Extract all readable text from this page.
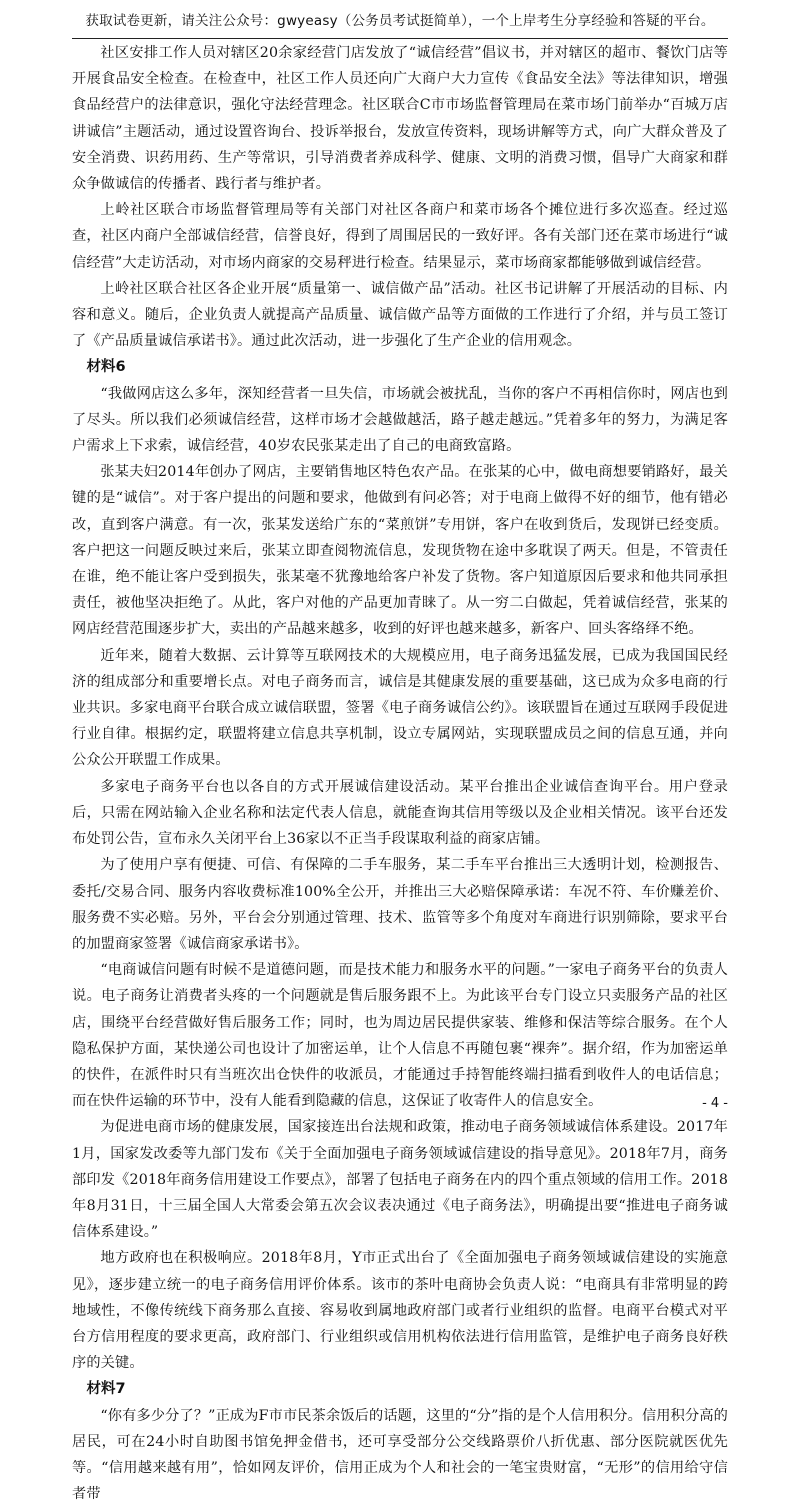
获取试卷更新，请关注公众号：gwyeasy（公务员考试挺简单），一个上岸考生分享经验和答疑的平台。

社区安排工作人员对辖区20余家经营门店发放了“诚信经营”倡议书，并对辖区的超市、餐饮门店等开展食品安全检查。在检查中，社区工作人员还向广大商户大力宣传《食品安全法》等法律知识，增强食品经营户的法律意识，强化守法经营理念。社区联合C市市场监督管理局在菜市场门前举办“百城万店讲诚信”主题活动，通过设置咨询台、投诉举报台，发放宣传资料，现场讲解等方式，向广大群众普及了安全消费、识药用药、生产等常识，引导消费者养成科学、健康、文明的消费习惯，倡导广大商家和群众争做诚信的传播者、践行者与维护者。

上岭社区联合市场监督管理局等有关部门对社区各商户和菜市场各个摊位进行多次巡查。经过巡查，社区内商户全部诚信经营，信誉良好，得到了周围居民的一致好评。各有关部门还在菜市场进行“诚信经营”大走访活动，对市场内商家的交易秤进行检查。结果显示，菜市场商家都能够做到诚信经营。

上岭社区联合社区各企业开展“质量第一、诚信做产品”活动。社区书记讲解了开展活动的目标、内容和意义。随后，企业负责人就提高产品质量、诚信做产品等方面做的工作进行了介绍，并与员工签订了《产品质量诚信承诺书》。通过此次活动，进一步强化了生产企业的信用观念。

材料6

“我做网店这么多年，深知经营者一旦失信，市场就会被扰乱，当你的客户不再相信你时，网店也到了尽头。所以我们必须诚信经营，这样市场才会越做越活，路子越走越远。”凭着多年的努力，为满足客户需求上下求索，诚信经营，40岁农民张某走出了自己的电商致富路。

张某夫妇2014年创办了网店，主要销售地区特色农产品。在张某的心中，做电商想要销路好，最关键的是“诚信”。对于客户提出的问题和要求，他做到有问必答；对于电商上做得不好的细节，他有错必改，直到客户满意。有一次，张某发送给广东的“菜煎饼”专用饼，客户在收到货后，发现饼已经变质。客户把这一问题反映过来后，张某立即查阅物流信息，发现货物在途中多耽误了两天。但是，不管责任在谁，绝不能让客户受到损失，张某毫不犹豫地给客户补发了货物。客户知道原因后要求和他共同承担责任，被他坚决拒绝了。从此，客户对他的产品更加青睐了。从一穷二白做起，凭着诚信经营，张某的网店经营范围逐步扩大，卖出的产品越来越多，收到的好评也越来越多，新客户、回头客络绎不绝。

近年来，随着大数据、云计算等互联网技术的大规模应用，电子商务迅猛发展，已成为我国国民经济的组成部分和重要增长点。对电子商务而言，诚信是其健康发展的重要基础，这已成为众多电商的行业共识。多家电商平台联合成立诚信联盟，签署《电子商务诚信公约》。该联盟旨在通过互联网手段促进行业自律。根据约定，联盟将建立信息共享机制，设立专属网站，实现联盟成员之间的信息互通，并向公众公开联盟工作成果。

多家电子商务平台也以各自的方式开展诚信建设活动。某平台推出企业诚信查询平台。用户登录后，只需在网站输入企业名称和法定代表人信息，就能查询其信用等级以及企业相关情况。该平台还发布处罚公告，宣布永久关闭平台上36家以不正当手段谋取利益的商家店铺。

为了使用户享有便捷、可信、有保障的二手车服务，某二手车平台推出三大透明计划，检测报告、委托/交易合同、服务内容收费标准100%全公开，并推出三大必赔保障承诺：车况不符、车价赚差价、服务费不实必赔。另外，平台会分别通过管理、技术、监管等多个角度对车商进行识别筛除，要求平台的加盟商家签署《诚信商家承诺书》。

“电商诚信问题有时候不是道德问题，而是技术能力和服务水平的问题。”一家电子商务平台的负责人说。电子商务让消费者头疼的一个问题就是售后服务跟不上。为此该平台专门设立只卖服务产品的社区店，围绕平台经营做好售后服务工作；同时，也为周边居民提供家装、维修和保洁等综合服务。在个人隐私保护方面，某快递公司也设计了加密运单，让个人信息不再随包裹“裸奔”。据介绍，作为加密运单的快件，在派件时只有当班次出仓快件的收派员，才能通过手持智能终端扫描看到收件人的电话信息；而在快件运输的环节中，没有人能看到隐藏的信息，这保证了收寄件人的信息安全。

为促进电商市场的健康发展，国家接连出台法规和政策，推动电子商务领域诚信体系建设。2017年1月，国家发改委等九部门发布《关于全面加强电子商务领域诚信建设的指导意见》。2018年7月，商务部印发《2018年商务信用建设工作要点》，部署了包括电子商务在内的四个重点领域的信用工作。2018年8月31日，十三届全国人大常委会第五次会议表决通过《电子商务法》，明确提出要“推进电子商务诚信体系建设。”

地方政府也在积极响应。2018年8月，Y市正式出台了《全面加强电子商务领域诚信建设的实施意见》，逐步建立统一的电子商务信用评价体系。该市的茶叶电商协会负责人说：“电商具有非常明显的跨地域性，不像传统线下商务那么直接、容易收到属地政府部门或者行业组织的监督。电商平台模式对平台方信用程度的要求更高，政府部门、行业组织或信用机构依法进行信用监管，是维护电子商务良好秩序的关键。

材料7

“你有多少分了？”正成为F市市民茶余饭后的话题，这里的“分”指的是个人信用积分。信用积分高的居民，可在24小时自助图书馆免押金借书，还可享受部分公交线路票价八折优惠、部分医院就医优先等。“信用越来越有用”，恰如网友评价，信用正成为个人和社会的一笔宝贵财富，“无形”的信用给守信者带

- 4 -
